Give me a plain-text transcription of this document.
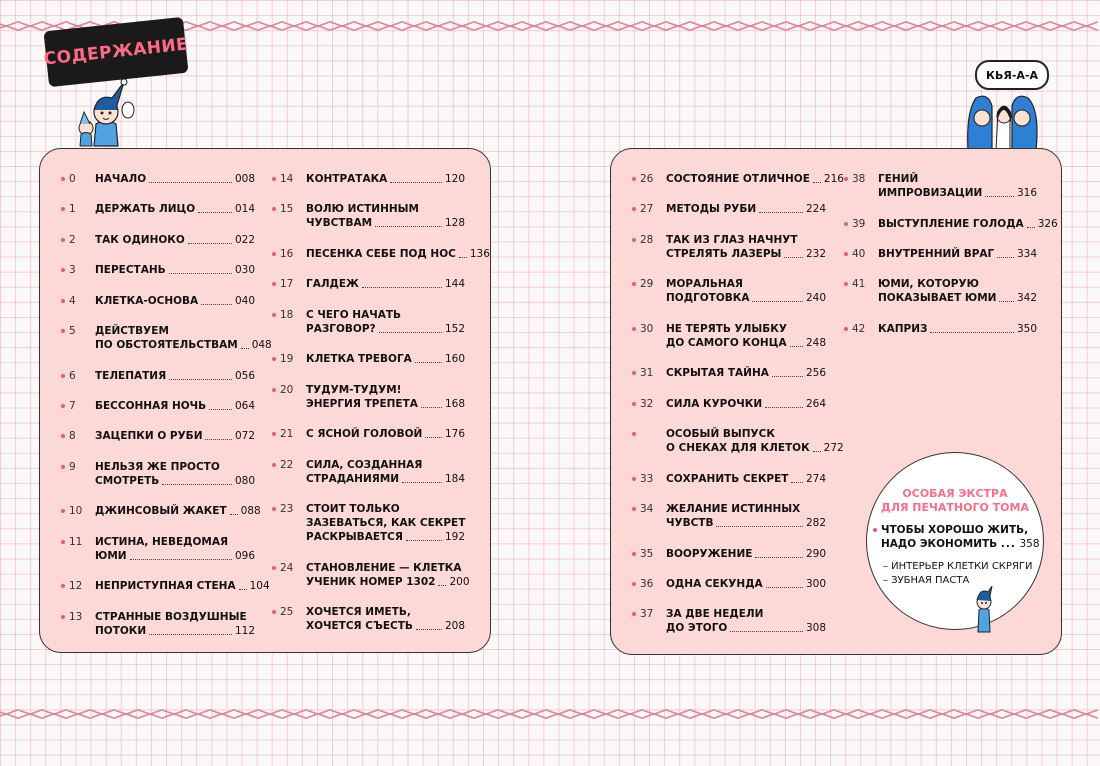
СОДЕРЖАНИЕ
КЬЯ-А-А
0	НАЧАЛО	008
1	ДЕРЖАТЬ ЛИЦО	014
2	ТАК ОДИНОКО	022
3	ПЕРЕСТАНЬ	030
4	КЛЕТКА-ОСНОВА	040
5	ДЕЙСТВУЕМ
ПО ОБСТОЯТЕЛЬСТВАМ 048
6	ТЕЛЕПАТИЯ	056
7	БЕССОННАЯ НОЧЬ	064
8	ЗАЦЕПКИ О РУБИ	072
9	НЕЛЬЗЯ ЖЕ ПРОСТО
СМОТРЕТЬ	080
10	ДЖИНСОВЫЙ ЖАКЕТ 088
11	ИСТИНА, НЕВЕДОМАЯ
ЮМИ	096
12	НЕПРИСТУПНАЯ СТЕНА 104
13	СТРАННЫЕ ВОЗДУШНЫЕ
ПОТОКИ	112
14	КОНТРАТАКА	120
15	ВОЛЮ ИСТИННЫМ
ЧУВСТВАМ	128
16	ПЕСЕНКА СЕБЕ ПОД НОС 136
17	ГАЛДЕЖ	144
18	С ЧЕГО НАЧАТЬ
РАЗГОВОР?	152
19	КЛЕТКА ТРЕВОГА	160
20	ТУДУМ-ТУДУМ!
ЭНЕРГИЯ ТРЕПЕТА	168
21	С ЯСНОЙ ГОЛОВОЙ 176
22	СИЛА, СОЗДАННАЯ
СТРАДАНИЯМИ	184
23	СТОИТ ТОЛЬКО
ЗАЗЕВАТЬСЯ, КАК СЕКРЕТ
РАСКРЫВАЕТСЯ	192
24	СТАНОВЛЕНИЕ — КЛЕТКА
УЧЕНИК НОМЕР 1302 200
25	ХОЧЕТСЯ ИМЕТЬ,
ХОЧЕТСЯ СЪЕСТЬ	208
26	СОСТОЯНИЕ ОТЛИЧНОЕ 216
27	МЕТОДЫ РУБИ	224
28	ТАК ИЗ ГЛАЗ НАЧНУТ
СТРЕЛЯТЬ ЛАЗЕРЫ 232
29	МОРАЛЬНАЯ
ПОДГОТОВКА	240
30	НЕ ТЕРЯТЬ УЛЫБКУ
ДО САМОГО КОНЦА 248
31	СКРЫТАЯ ТАЙНА	256
32	СИЛА КУРОЧКИ	264
ОСОБЫЙ ВЫПУСК
О СНЕКАХ ДЛЯ КЛЕТОК 272
33	СОХРАНИТЬ СЕКРЕТ 274
34	ЖЕЛАНИЕ ИСТИННЫХ
ЧУВСТВ	282
35	ВООРУЖЕНИЕ	290
36	ОДНА СЕКУНДА	300
37	ЗА ДВЕ НЕДЕЛИ
ДО ЭТОГО	308
38	ГЕНИЙ
ИМПРОВИЗАЦИИ	316
39	ВЫСТУПЛЕНИЕ ГОЛОДА 326
40	ВНУТРЕННИЙ ВРАГ 334
41	ЮМИ, КОТОРУЮ
ПОКАЗЫВАЕТ ЮМИ 342
42	КАПРИЗ	350
ОСОБАЯ ЭКСТРА
ДЛЯ ПЕЧАТНОГО ТОМА
ЧТОБЫ ХОРОШО ЖИТЬ,
НАДО ЭКОНОМИТЬ ... 358
– ИНТЕРЬЕР КЛЕТКИ СКРЯГИ
– ЗУБНАЯ ПАСТА
